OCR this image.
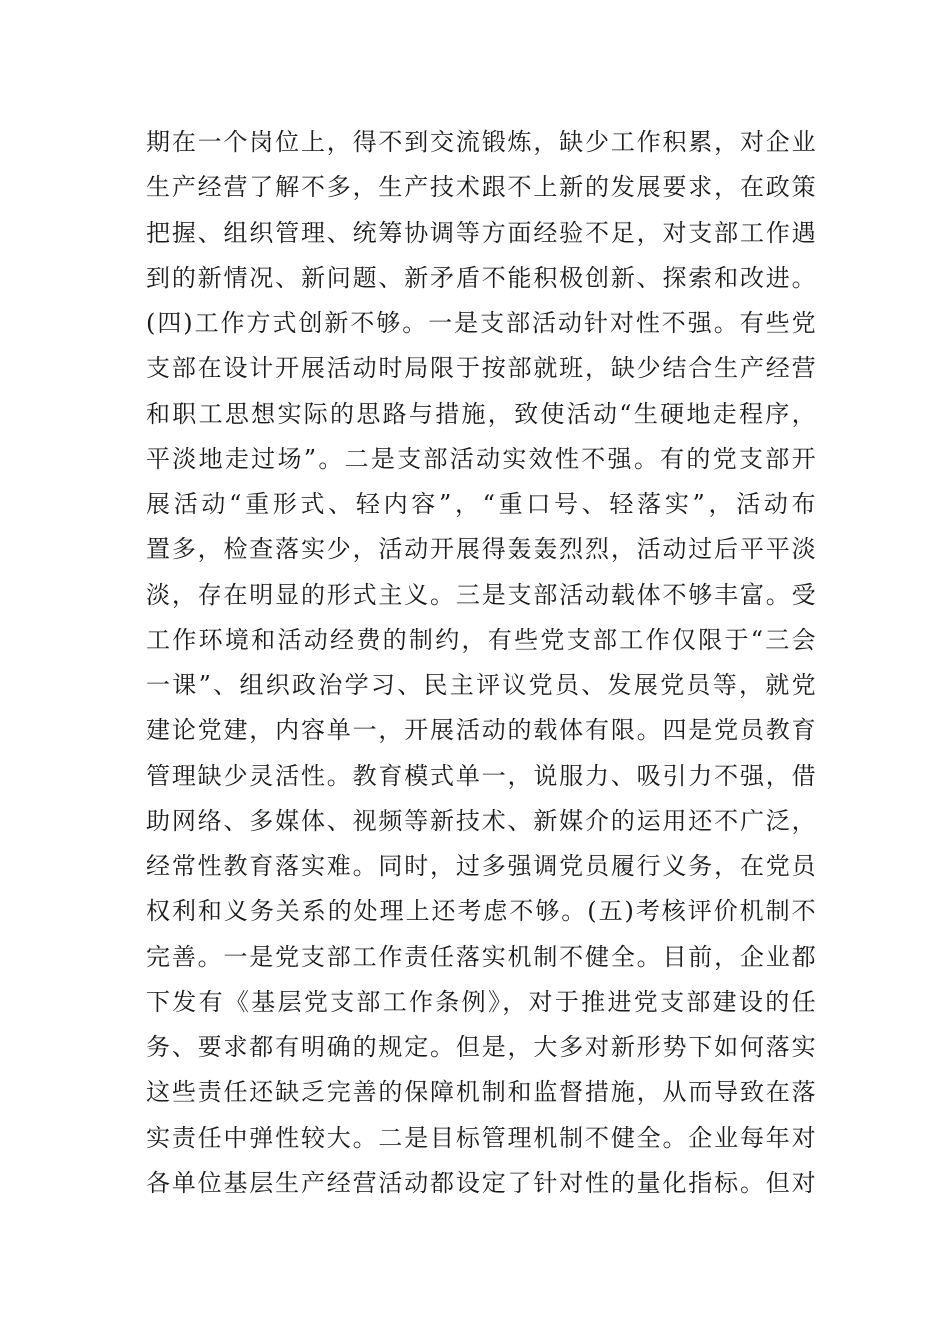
期在一个岗位上，得不到交流锻炼，缺少工作积累，对企业
生产经营了解不多，生产技术跟不上新的发展要求，在政策
把握、组织管理、统筹协调等方面经验不足，对支部工作遇
到的新情况、新问题、新矛盾不能积极创新、探索和改进。
(四)工作方式创新不够。一是支部活动针对性不强。有些党
支部在设计开展活动时局限于按部就班，缺少结合生产经营
和职工思想实际的思路与措施，致使活动“生硬地走程序，
平淡地走过场”。二是支部活动实效性不强。有的党支部开
展活动“重形式、轻内容”，“重口号、轻落实”，活动布
置多，检查落实少，活动开展得轰轰烈烈，活动过后平平淡
淡，存在明显的形式主义。三是支部活动载体不够丰富。受
工作环境和活动经费的制约，有些党支部工作仅限于“三会
一课”、组织政治学习、民主评议党员、发展党员等，就党
建论党建，内容单一，开展活动的载体有限。四是党员教育
管理缺少灵活性。教育模式单一，说服力、吸引力不强，借
助网络、多媒体、视频等新技术、新媒介的运用还不广泛，
经常性教育落实难。同时，过多强调党员履行义务，在党员
权利和义务关系的处理上还考虑不够。(五)考核评价机制不
完善。一是党支部工作责任落实机制不健全。目前，企业都
下发有《基层党支部工作条例》，对于推进党支部建设的任
务、要求都有明确的规定。但是，大多对新形势下如何落实
这些责任还缺乏完善的保障机制和监督措施，从而导致在落
实责任中弹性较大。二是目标管理机制不健全。企业每年对
各单位基层生产经营活动都设定了针对性的量化指标。但对
